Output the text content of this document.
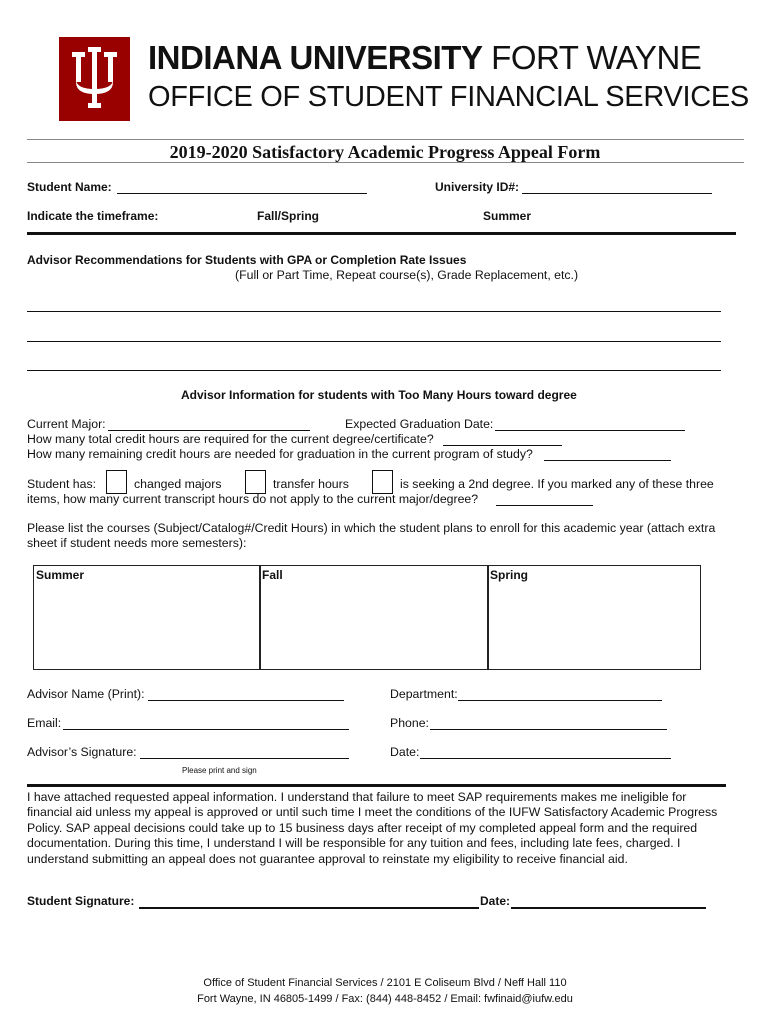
INDIANA UNIVERSITY FORT WAYNE
OFFICE OF STUDENT FINANCIAL SERVICES
2019-2020 Satisfactory Academic Progress Appeal Form
Student Name:	University ID#:
Indicate the timeframe:	Fall/Spring	Summer
Advisor Recommendations for Students with GPA or Completion Rate Issues
(Full or Part Time, Repeat course(s), Grade Replacement, etc.)
Advisor Information for students with Too Many Hours toward degree
Current Major:	Expected Graduation Date:
How many total credit hours are required for the current degree/certificate?
How many remaining credit hours are needed for graduation in the current program of study?
Student has:	changed majors	transfer hours	is seeking a 2nd degree. If you marked any of these three
items, how many current transcript hours do not apply to the current major/degree?
Please list the courses (Subject/Catalog#/Credit Hours) in which the student plans to enroll for this academic year (attach extra
sheet if student needs more semesters):
Summer	Fall	Spring
Advisor Name (Print):	Department:
Email:	Phone:
Advisor’s Signature:	Date:
Please print and sign
I have attached requested appeal information. I understand that failure to meet SAP requirements makes me ineligible for
financial aid unless my appeal is approved or until such time I meet the conditions of the IUFW Satisfactory Academic Progress
Policy. SAP appeal decisions could take up to 15 business days after receipt of my completed appeal form and the required
documentation. During this time, I understand I will be responsible for any tuition and fees, including late fees, charged. I
understand submitting an appeal does not guarantee approval to reinstate my eligibility to receive financial aid.
Student Signature:	Date:
Office of Student Financial Services / 2101 E Coliseum Blvd / Neff Hall 110
Fort Wayne, IN 46805-1499 / Fax: (844) 448-8452 / Email: fwfinaid@iufw.edu
